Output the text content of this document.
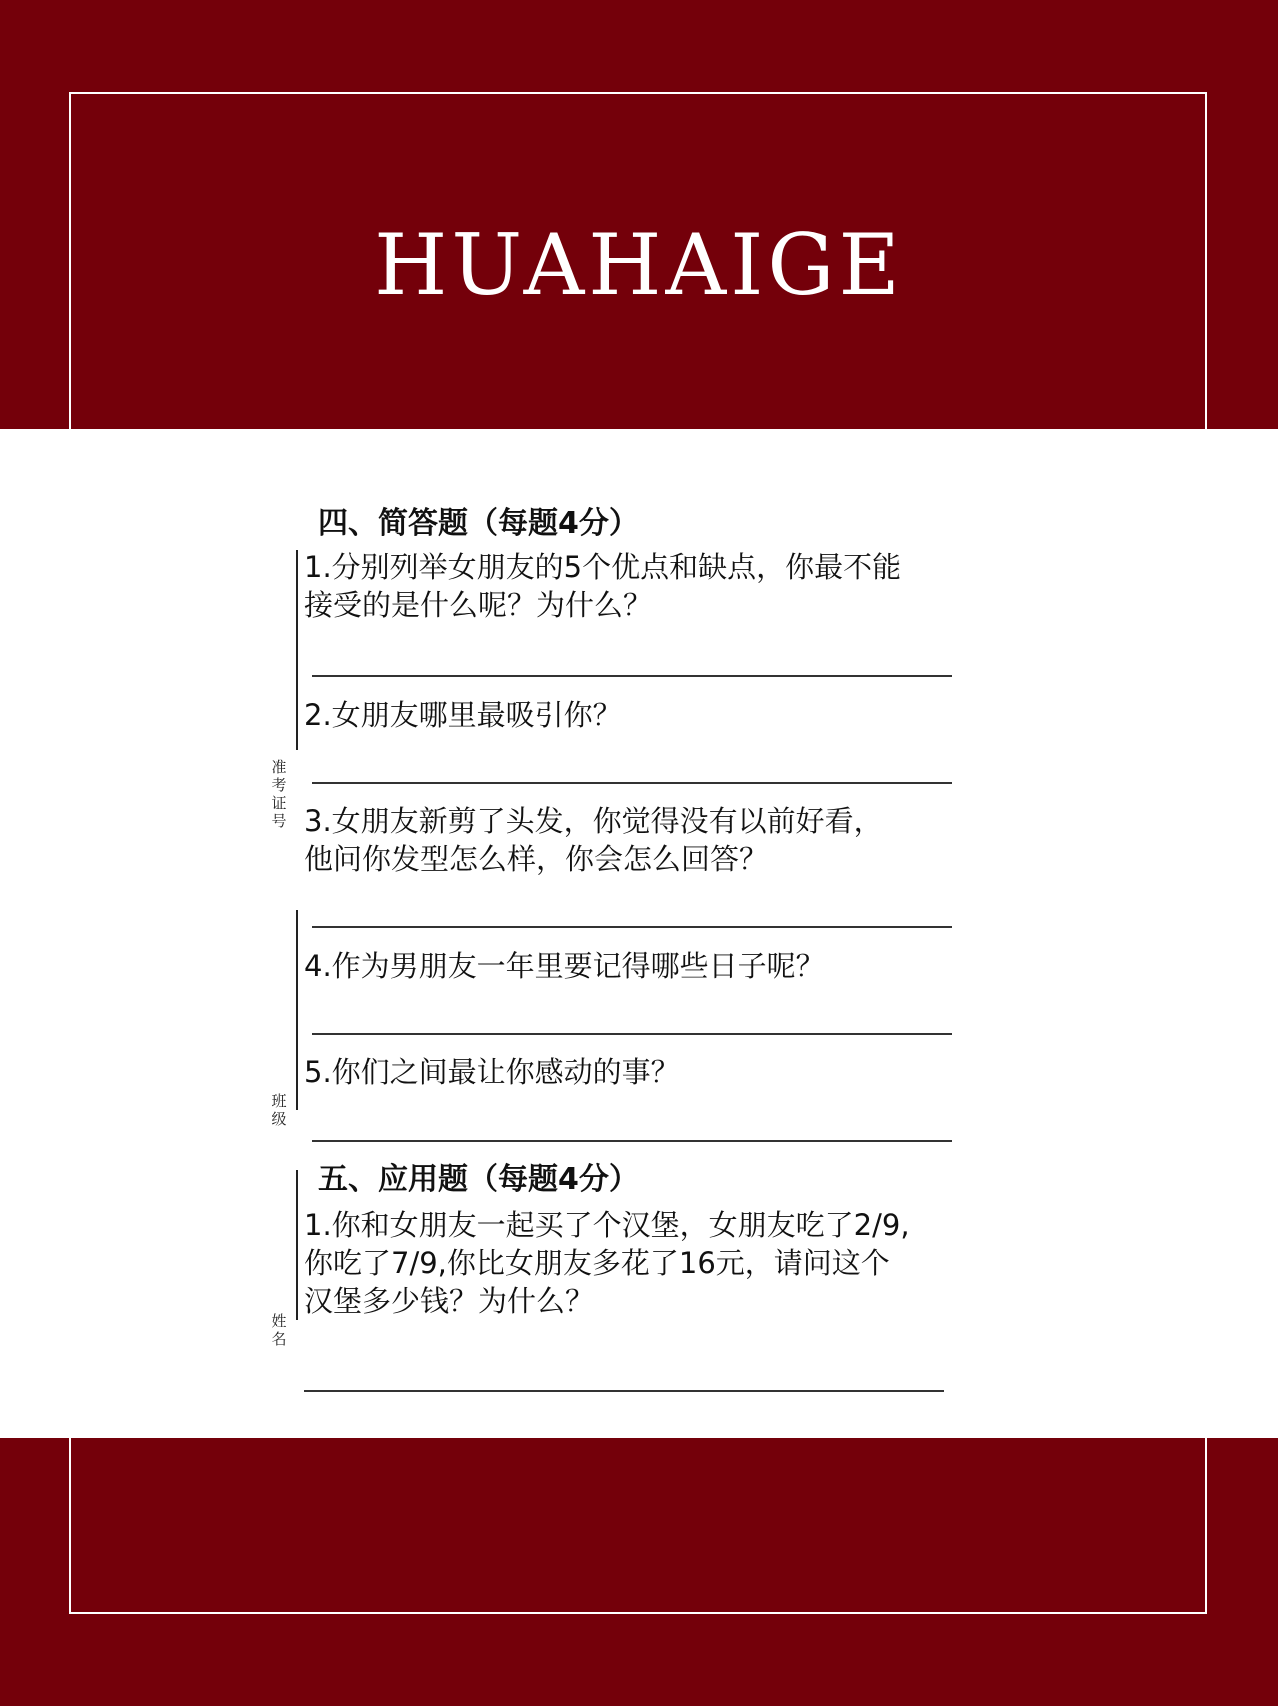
HUAHAIGE
准考证号
班级
姓名
四、简答题（每题4分）
1.分别列举女朋友的5个优点和缺点，你最不能
接受的是什么呢？为什么？
2.女朋友哪里最吸引你？
3.女朋友新剪了头发，你觉得没有以前好看，
他问你发型怎么样，你会怎么回答？
4.作为男朋友一年里要记得哪些日子呢？
5.你们之间最让你感动的事？
五、应用题（每题4分）
1.你和女朋友一起买了个汉堡，女朋友吃了2/9,
你吃了7/9,你比女朋友多花了16元，请问这个
汉堡多少钱？为什么？
